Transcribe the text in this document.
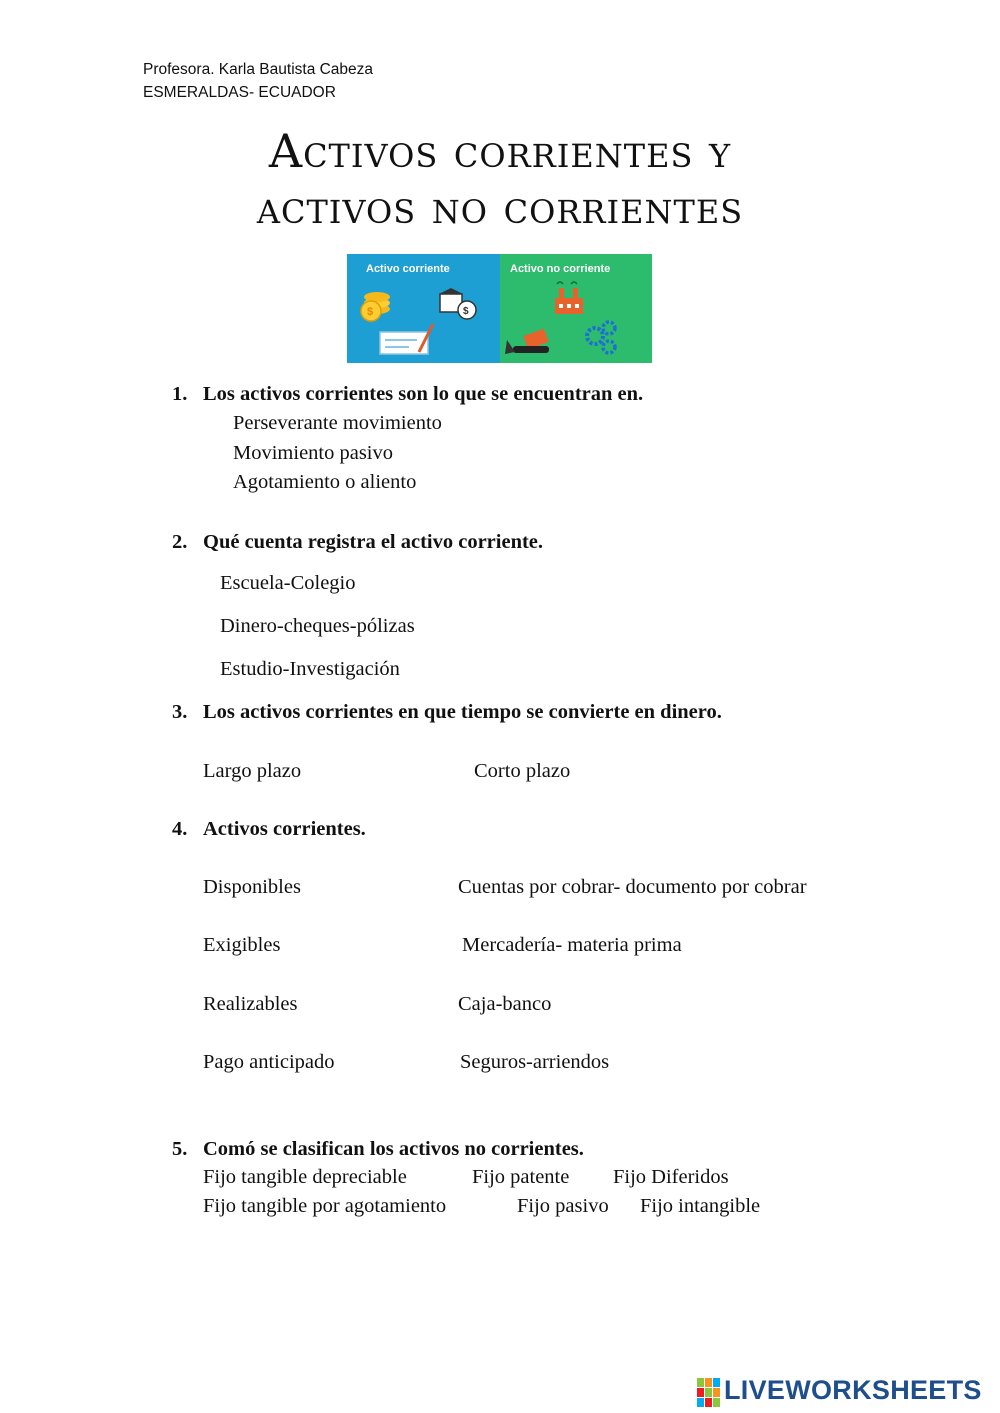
Profesora. Karla Bautista Cabeza
ESMERALDAS- ECUADOR
Activos corrientes y
activos no corrientes
Activo corriente	Activo no corriente
$	$
1. Los activos corrientes son lo que se encuentran en.
Perseverante movimiento
Movimiento pasivo
Agotamiento o aliento
2. Qué cuenta registra el activo corriente.
Escuela-Colegio
Dinero-cheques-pólizas
Estudio-Investigación
3. Los activos corrientes en que tiempo se convierte en dinero.
Largo plazo	Corto plazo
4. Activos corrientes.
Disponibles	Cuentas por cobrar- documento por cobrar
Exigibles	Mercadería- materia prima
Realizables	Caja-banco
Pago anticipado	Seguros-arriendos
5. Comó se clasifican los activos no corrientes.
Fijo tangible depreciable	Fijo patente Fijo Diferidos
Fijo tangible por agotamiento	Fijo pasivo Fijo intangible
LIVEWORKSHEETS
